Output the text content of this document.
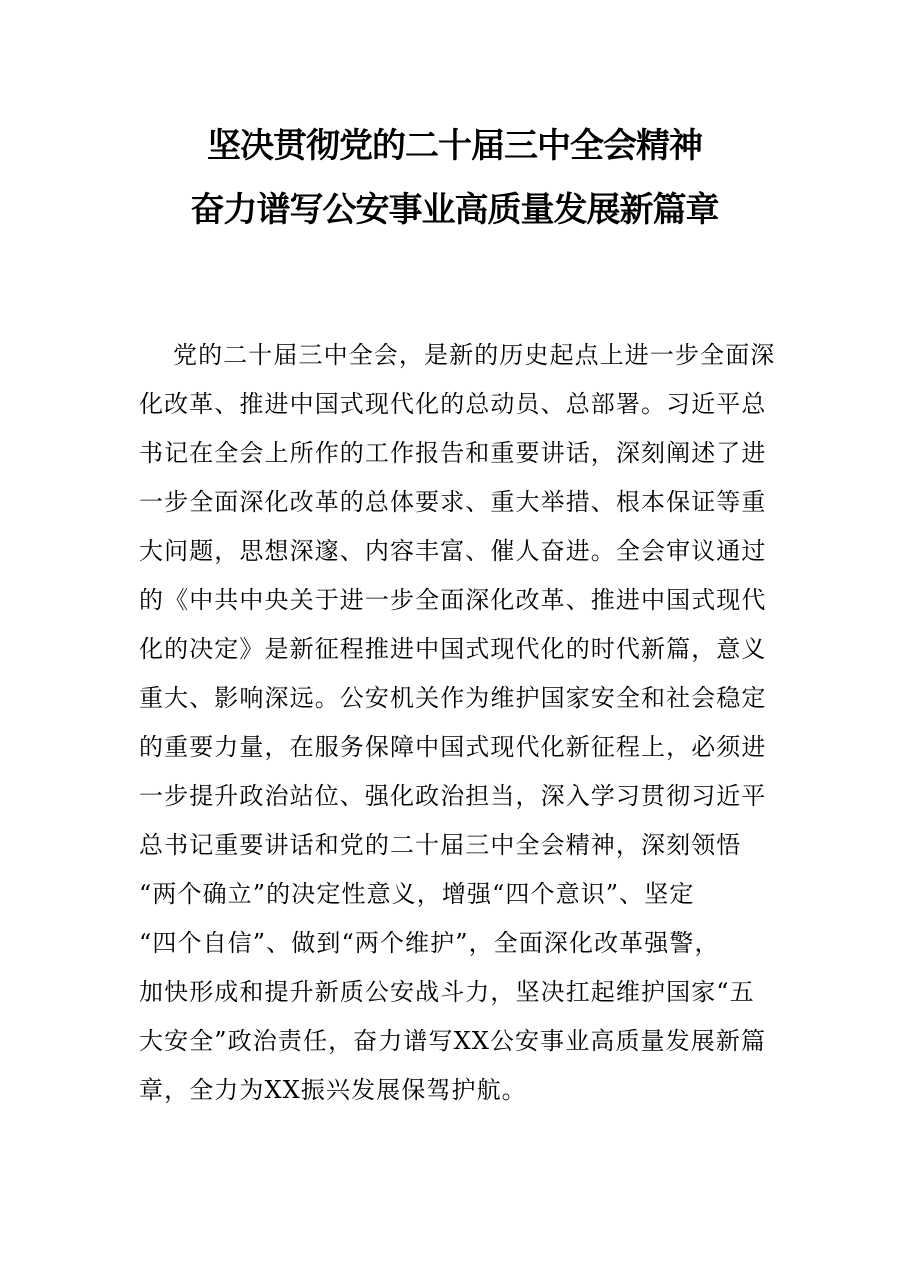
坚决贯彻党的二十届三中全会精神
奋力谱写公安事业高质量发展新篇章
党的二十届三中全会，是新的历史起点上进一步全面深
化改革、推进中国式现代化的总动员、总部署。习近平总
书记在全会上所作的工作报告和重要讲话，深刻阐述了进
一步全面深化改革的总体要求、重大举措、根本保证等重
大问题，思想深邃、内容丰富、催人奋进。全会审议通过
的《中共中央关于进一步全面深化改革、推进中国式现代
化的决定》是新征程推进中国式现代化的时代新篇，意义
重大、影响深远。公安机关作为维护国家安全和社会稳定
的重要力量，在服务保障中国式现代化新征程上，必须进
一步提升政治站位、强化政治担当，深入学习贯彻习近平
总书记重要讲话和党的二十届三中全会精神，深刻领悟
“两个确立”的决定性意义，增强“四个意识”、坚定
“四个自信”、做到“两个维护”，全面深化改革强警，
加快形成和提升新质公安战斗力，坚决扛起维护国家“五
大安全”政治责任，奋力谱写XX公安事业高质量发展新篇
章，全力为XX振兴发展保驾护航。
